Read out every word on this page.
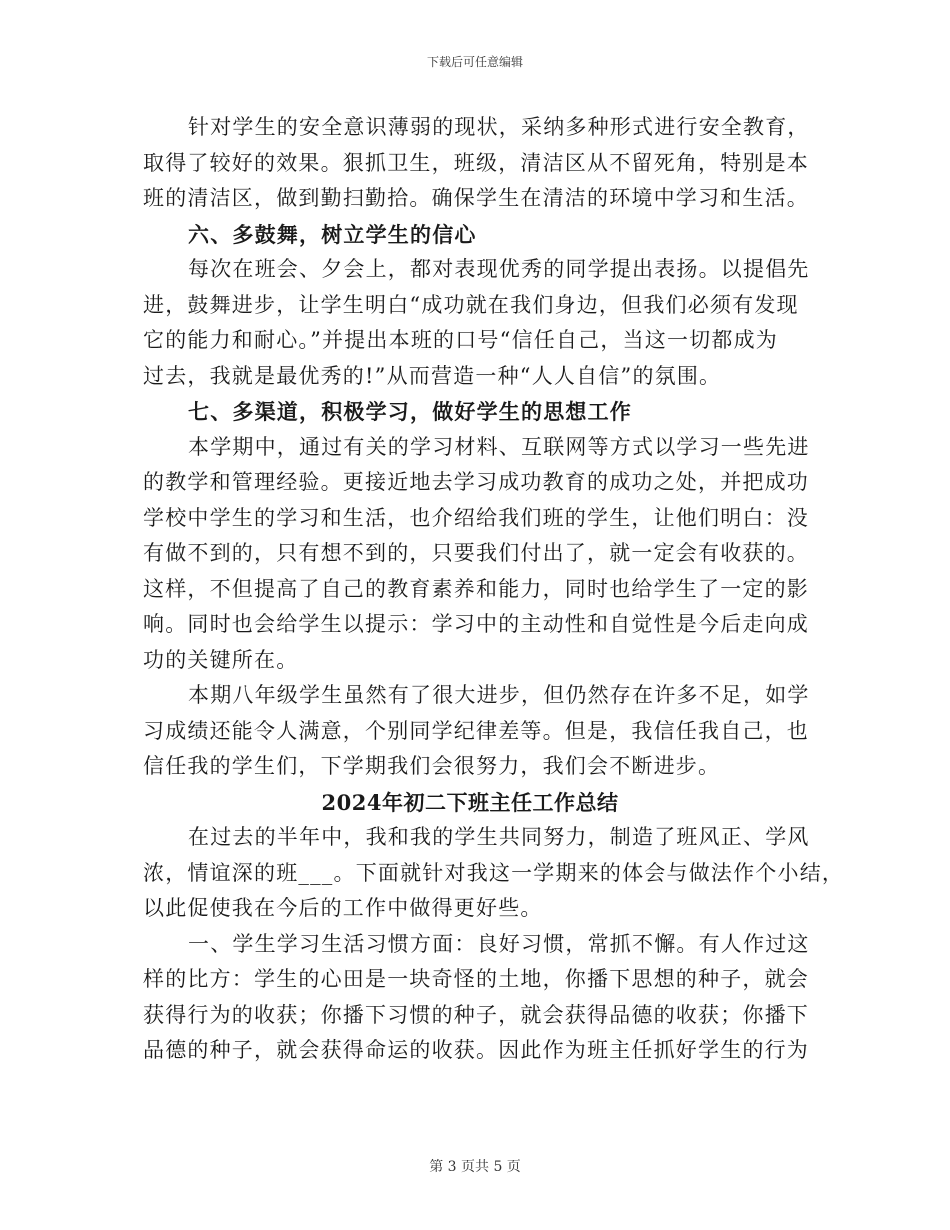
下载后可任意编辑

针对学生的安全意识薄弱的现状，采纳多种形式进行安全教育，
取得了较好的效果。狠抓卫生，班级，清洁区从不留死角，特别是本
班的清洁区，做到勤扫勤拾。确保学生在清洁的环境中学习和生活。

六、多鼓舞，树立学生的信心

每次在班会、夕会上，都对表现优秀的同学提出表扬。以提倡先
进，鼓舞进步，让学生明白“成功就在我们身边，但我们必须有发现
它的能力和耐心。”并提出本班的口号“信任自己，当这一切都成为
过去，我就是最优秀的!”从而营造一种“人人自信”的氛围。

七、多渠道，积极学习，做好学生的思想工作

本学期中，通过有关的学习材料、互联网等方式以学习一些先进
的教学和管理经验。更接近地去学习成功教育的成功之处，并把成功
学校中学生的学习和生活，也介绍给我们班的学生，让他们明白：没
有做不到的，只有想不到的，只要我们付出了，就一定会有收获的。
这样，不但提高了自己的教育素养和能力，同时也给学生了一定的影
响。同时也会给学生以提示：学习中的主动性和自觉性是今后走向成
功的关键所在。

本期八年级学生虽然有了很大进步，但仍然存在许多不足，如学
习成绩还能令人满意，个别同学纪律差等。但是，我信任我自己，也
信任我的学生们，下学期我们会很努力，我们会不断进步。

2024年初二下班主任工作总结

在过去的半年中，我和我的学生共同努力，制造了班风正、学风
浓，情谊深的班___。下面就针对我这一学期来的体会与做法作个小结，
以此促使我在今后的工作中做得更好些。

一、学生学习生活习惯方面：良好习惯，常抓不懈。有人作过这
样的比方：学生的心田是一块奇怪的土地，你播下思想的种子，就会
获得行为的收获；你播下习惯的种子，就会获得品德的收获；你播下
品德的种子，就会获得命运的收获。因此作为班主任抓好学生的行为

第 3 页共 5 页
